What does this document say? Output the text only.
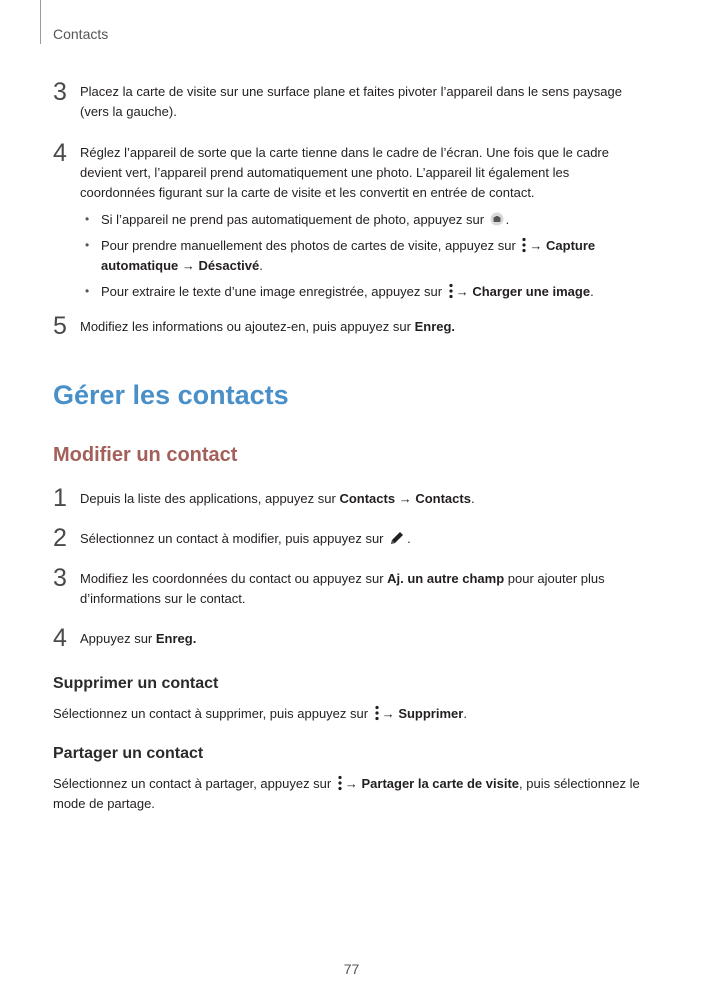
Contacts
3 Placez la carte de visite sur une surface plane et faites pivoter l’appareil dans le sens paysage (vers la gauche).
4 Réglez l’appareil de sorte que la carte tienne dans le cadre de l’écran. Une fois que le cadre devient vert, l’appareil prend automatiquement une photo. L’appareil lit également les coordonnées figurant sur la carte de visite et les convertit en entrée de contact.
• Si l’appareil ne prend pas automatiquement de photo, appuyez sur .
• Pour prendre manuellement des photos de cartes de visite, appuyez sur → Capture automatique → Désactivé.
• Pour extraire le texte d’une image enregistrée, appuyez sur → Charger une image.
5 Modifiez les informations ou ajoutez-en, puis appuyez sur Enreg.
Gérer les contacts
Modifier un contact
1 Depuis la liste des applications, appuyez sur Contacts → Contacts.
2 Sélectionnez un contact à modifier, puis appuyez sur .
3 Modifiez les coordonnées du contact ou appuyez sur Aj. un autre champ pour ajouter plus d’informations sur le contact.
4 Appuyez sur Enreg.
Supprimer un contact
Sélectionnez un contact à supprimer, puis appuyez sur → Supprimer.
Partager un contact
Sélectionnez un contact à partager, appuyez sur → Partager la carte de visite, puis sélectionnez le mode de partage.
77
